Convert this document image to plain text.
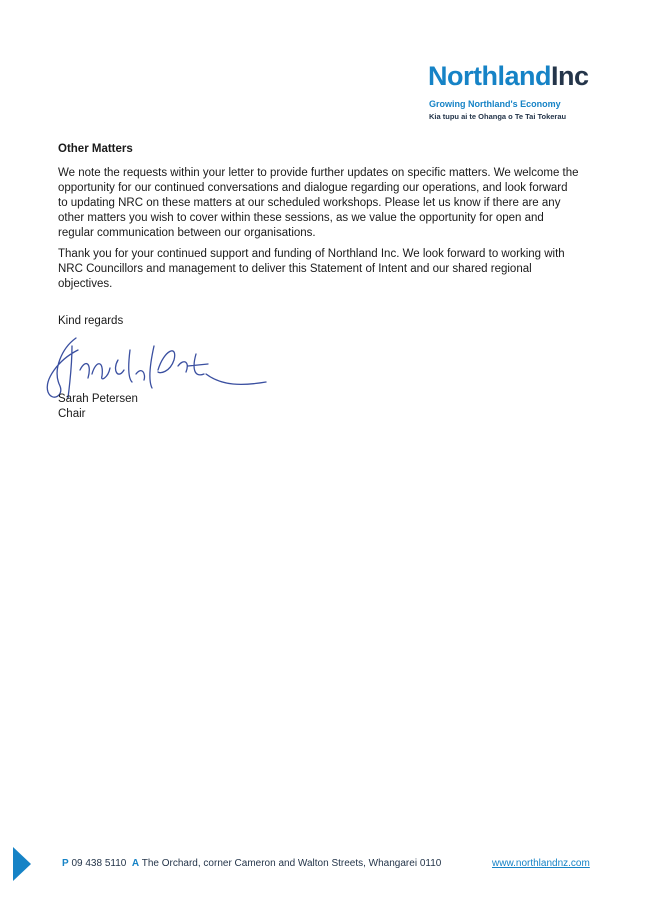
NorthlandInc
Growing Northland's Economy
Kia tupu ai te Ohanga o Te Tai Tokerau
Other Matters
We note the requests within your letter to provide further updates on specific matters. We welcome the opportunity for our continued conversations and dialogue regarding our operations, and look forward to updating NRC on these matters at our scheduled workshops. Please let us know if there are any other matters you wish to cover within these sessions, as we value the opportunity for open and regular communication between our organisations.
Thank you for your continued support and funding of Northland Inc. We look forward to working with NRC Councillors and management to deliver this Statement of Intent and our shared regional objectives.
Kind regards
Sarah Petersen
Chair
P 09 438 5110 A The Orchard, corner Cameron and Walton Streets, Whangarei 0110	www.northlandnz.com
